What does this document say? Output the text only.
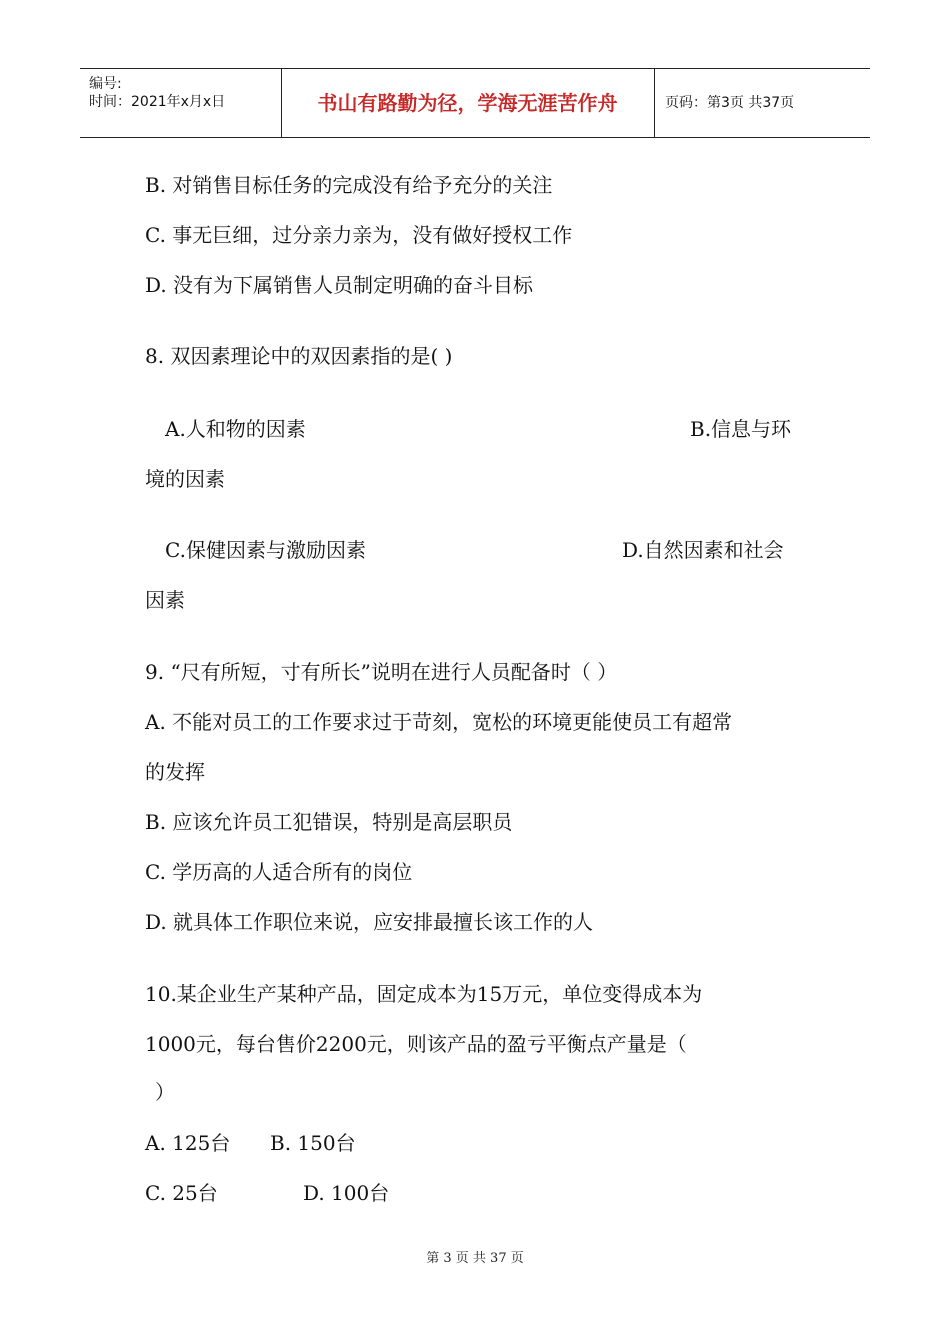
编号:
时间：2021年x月x日	书山有路勤为径，学海无涯苦作舟	页码：第3页 共37页
B. 对销售目标任务的完成没有给予充分的关注
C. 事无巨细，过分亲力亲为，没有做好授权工作
D. 没有为下属销售人员制定明确的奋斗目标
8. 双因素理论中的双因素指的是( )
A.人和物的因素	B.信息与环
境的因素
C.保健因素与激励因素	D.自然因素和社会
因素
9. “尺有所短，寸有所长”说明在进行人员配备时（ ）
A. 不能对员工的工作要求过于苛刻，宽松的环境更能使员工有超常
的发挥
B. 应该允许员工犯错误，特别是高层职员
C. 学历高的人适合所有的岗位
D. 就具体工作职位来说，应安排最擅长该工作的人
10.某企业生产某种产品，固定成本为15万元，单位变得成本为
1000元，每台售价2200元，则该产品的盈亏平衡点产量是（
）
A. 125台 B. 150台
C. 25台	D. 100台
第 3 页 共 37 页
